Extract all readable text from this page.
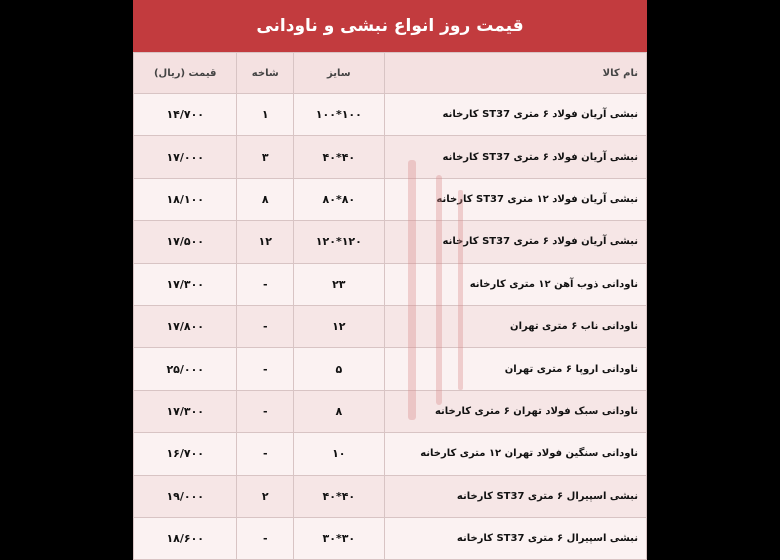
قیمت روز انواع نبشی و ناودانی
نام کالا	سایز	شاخه	قیمت (ریال)
نبشی آریان فولاد ۶ متری ST37 کارخانه	۱۰۰*۱۰۰	۱	۱۴/۷۰۰
نبشی آریان فولاد ۶ متری ST37 کارخانه	۴۰*۴۰	۳	۱۷/۰۰۰
نبشی آریان فولاد ۱۲ متری ST37 کارخانه	۸۰*۸۰	۸	۱۸/۱۰۰
نبشی آریان فولاد ۶ متری ST37 کارخانه	۱۲۰*۱۲۰	۱۲	۱۷/۵۰۰
ناودانی ذوب آهن ۱۲ متری کارخانه	۲۳	-	۱۷/۳۰۰
ناودانی ناب ۶ متری تهران	۱۲	-	۱۷/۸۰۰
ناودانی اروپا ۶ متری تهران	۵	-	۲۵/۰۰۰
ناودانی سبک فولاد تهران ۶ متری کارخانه	۸	-	۱۷/۳۰۰
ناودانی سنگین فولاد تهران ۱۲ متری کارخانه	۱۰	-	۱۶/۷۰۰
نبشی اسپیرال ۶ متری ST37 کارخانه	۴۰*۴۰	۲	۱۹/۰۰۰
نبشی اسپیرال ۶ متری ST37 کارخانه	۳۰*۳۰	-	۱۸/۶۰۰
